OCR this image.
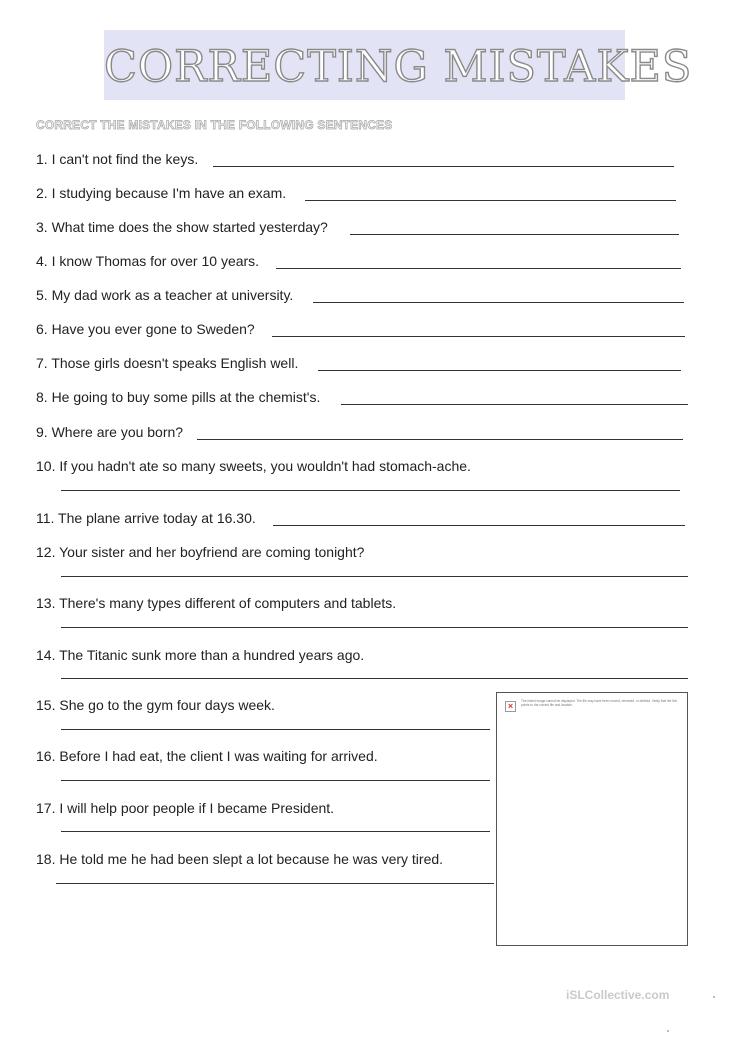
CORRECTING MISTAKES
CORRECT THE MISTAKES IN THE FOLLOWING SENTENCES
1. I can't not find the keys.
2. I studying because I'm have an exam.
3. What time does the show started yesterday?
4. I know Thomas for over 10 years.
5. My dad work as a teacher at university.
6. Have you ever gone to Sweden?
7. Those girls doesn't speaks English well.
8. He going to buy some pills at the chemist's.
9. Where are you born?
10. If you hadn't ate so many sweets, you wouldn't had stomach-ache.
11. The plane arrive today at 16.30.
12. Your sister and her boyfriend are coming tonight?
13. There's many types different of computers and tablets.
14. The Titanic sunk more than a hundred years ago.
15. She go to the gym four days week.
16. Before I had eat, the client I was waiting for arrived.
17. I will help poor people if I became President.
18. He told me he had been slept a lot because he was very tired.
×	The linked image cannot be displayed. The file may have been moved, renamed, or deleted. Verify that the link points to the correct file and location.
iSLCollective.com
